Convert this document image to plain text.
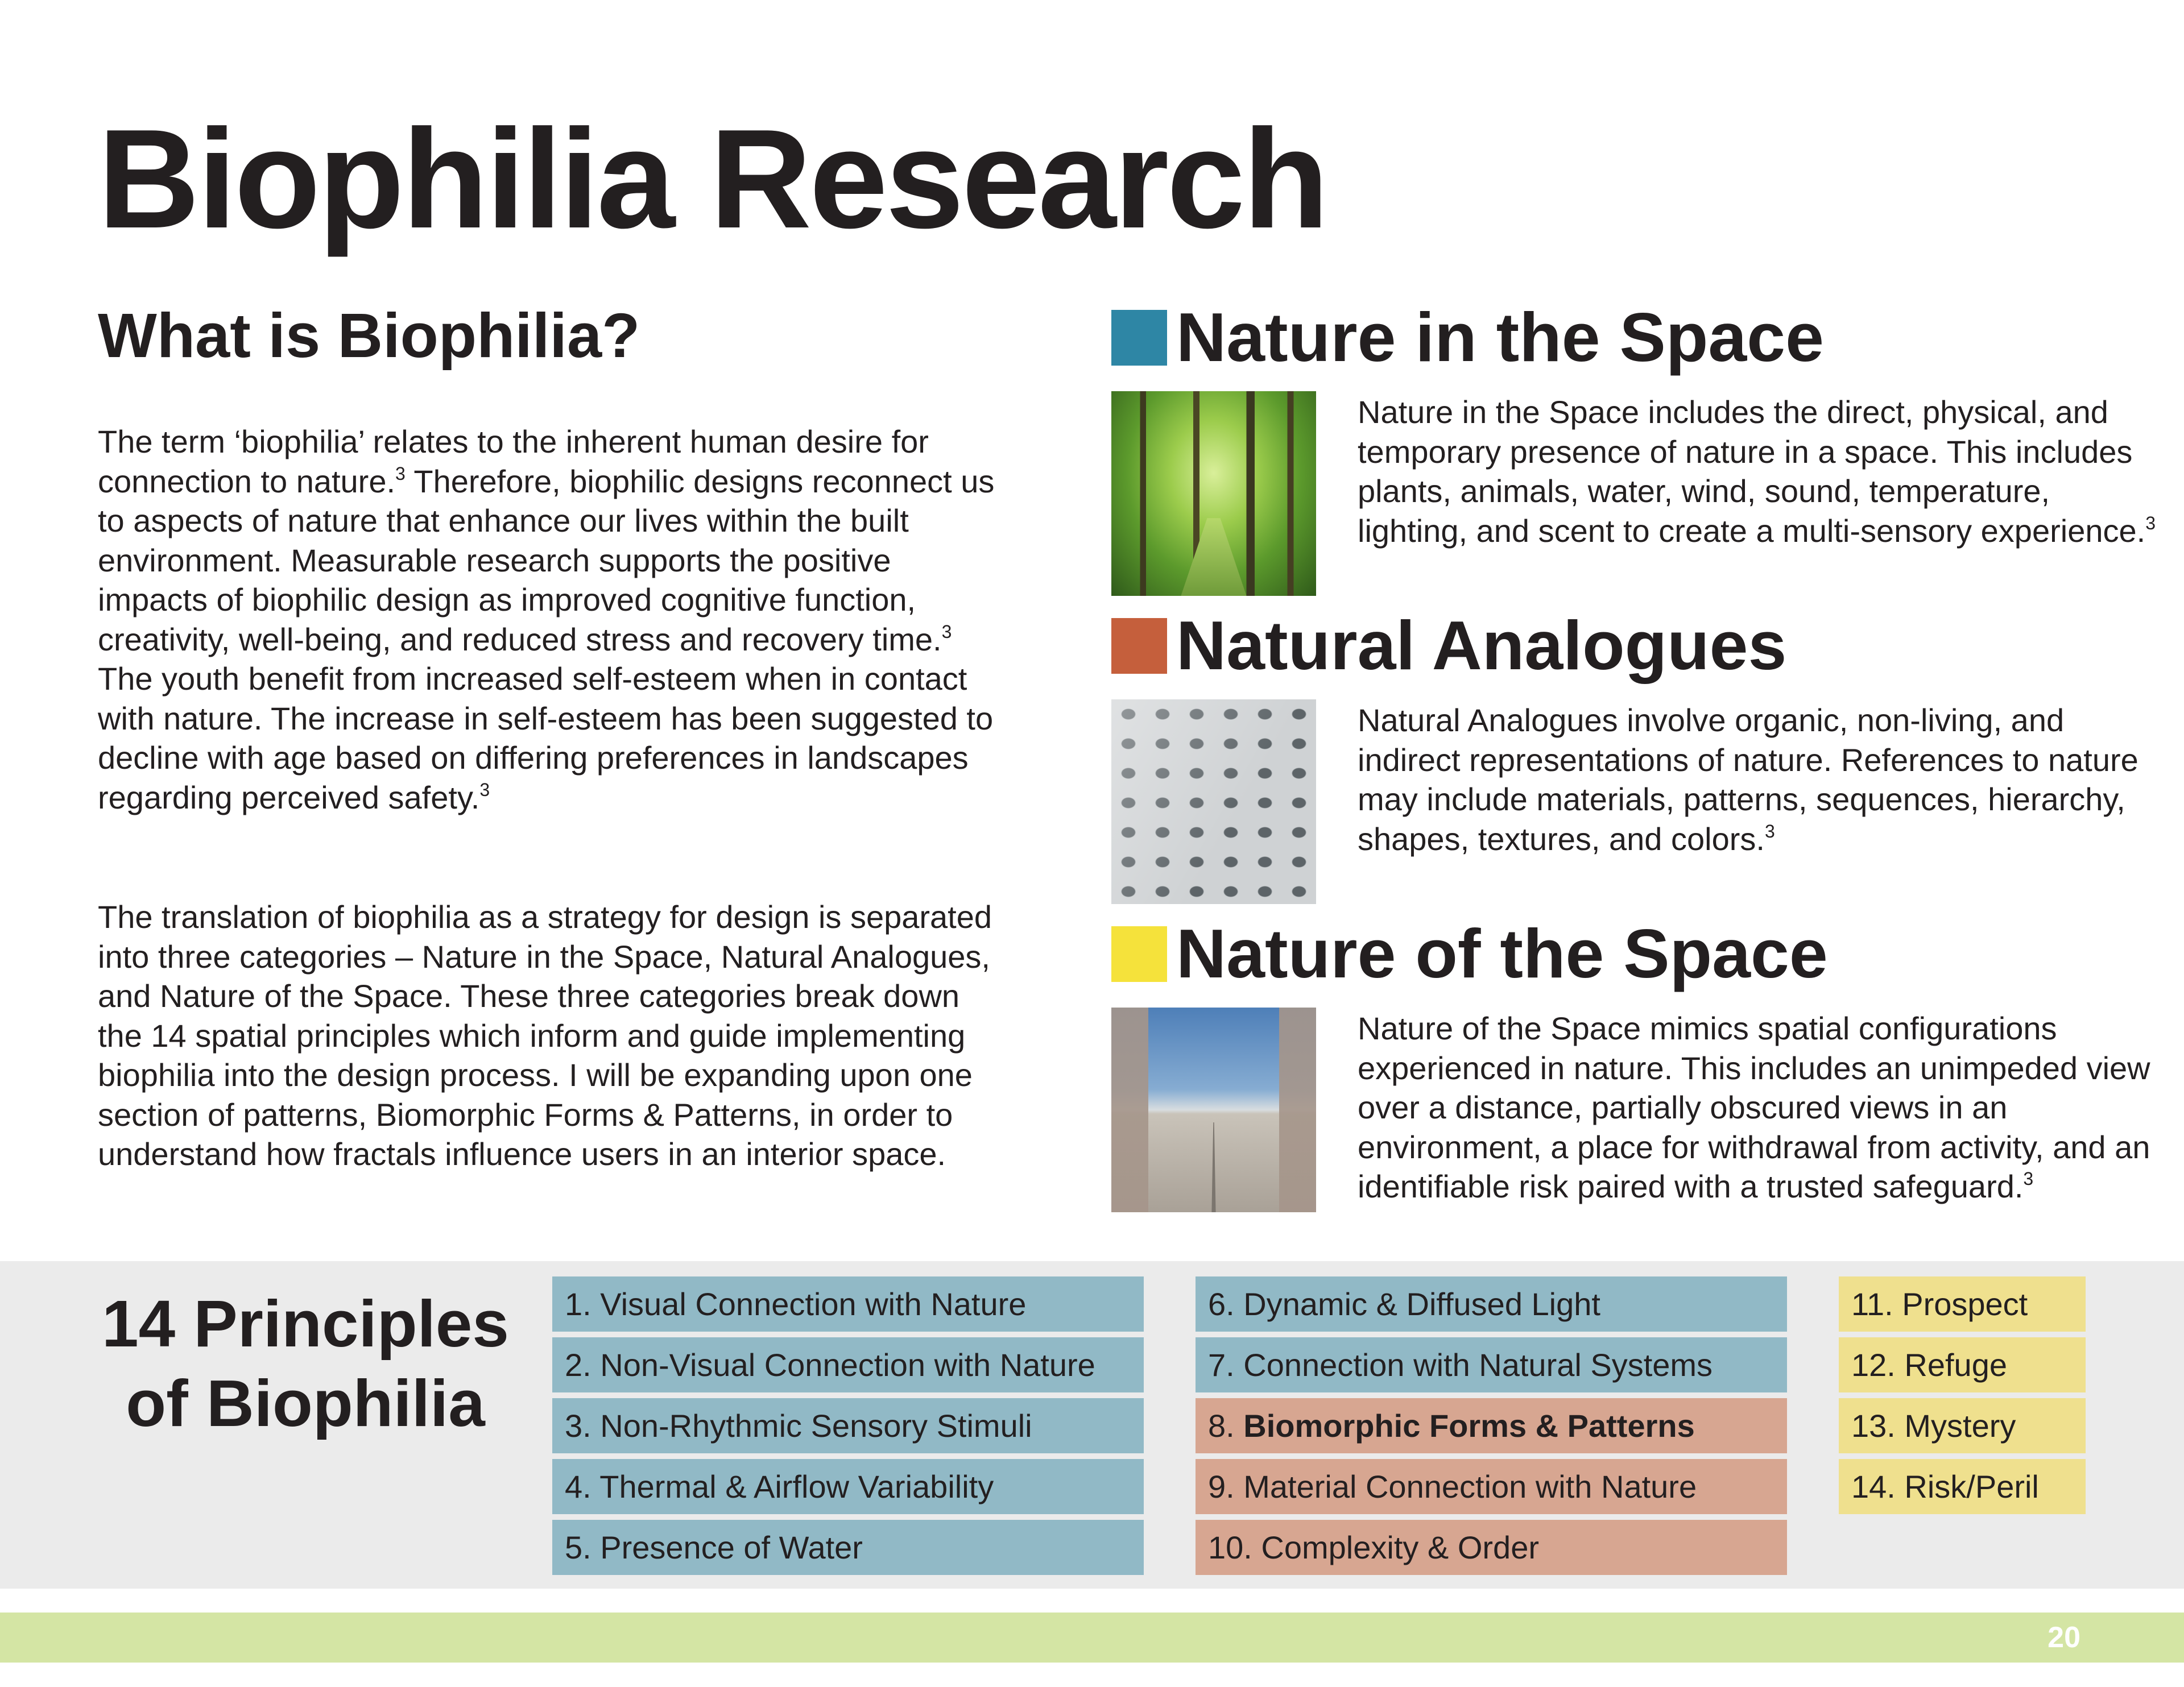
Biophilia Research
What is Biophilia?

The term ‘biophilia’ relates to the inherent human desire for connection to nature.$^3$ Therefore, biophilic designs reconnect us to aspects of nature that enhance our lives within the built environment. Measurable research supports the positive impacts of biophilic design as improved cognitive function, creativity, well-being, and reduced stress and recovery time.$^3$ The youth benefit from increased self-esteem when in contact with nature. The increase in self-esteem has been suggested to decline with age based on differing preferences in landscapes regarding perceived safety.$^3$

The translation of biophilia as a strategy for design is separated into three categories – Nature in the Space, Natural Analogues, and Nature of the Space. These three categories break down the 14 spatial principles which inform and guide implementing biophilia into the design process. I will be expanding upon one section of patterns, Biomorphic Forms & Patterns, in order to understand how fractals influence users in an interior space.

Nature in the Space

Nature in the Space includes the direct, physical, and temporary presence of nature in a space. This includes plants, animals, water, wind, sound, temperature, lighting, and scent to create a multi-sensory experience.$^3$

Natural Analogues

Natural Analogues involve organic, non-living, and indirect representations of nature. References to nature may include materials, patterns, sequences, hierarchy, shapes, textures, and colors.$^3$

Nature of the Space

Nature of the Space mimics spatial configurations experienced in nature. This includes an unimpeded view over a distance, partially obscured views in an environment, a place for withdrawal from activity, and an identifiable risk paired with a trusted safeguard.$^3$

14 Principles
of Biophilia
1. Visual Connection with Nature
2. Non-Visual Connection with Nature
3. Non-Rhythmic Sensory Stimuli
4. Thermal & Airflow Variability
5. Presence of Water
6. Dynamic & Diffused Light
7. Connection with Natural Systems
8. Biomorphic Forms & Patterns
9. Material Connection with Nature
10. Complexity & Order
11. Prospect
12. Refuge
13. Mystery
14. Risk/Peril
20
